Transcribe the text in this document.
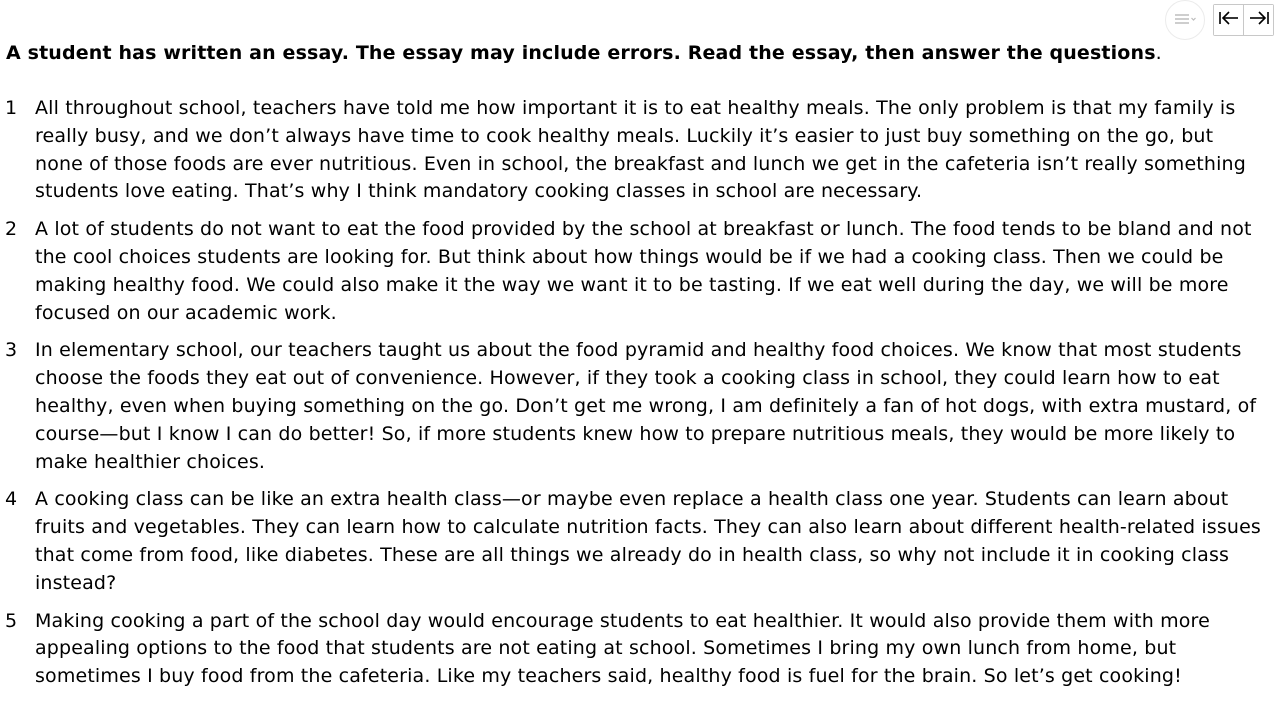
A student has written an essay. The essay may include errors. Read the essay, then answer the questions.
1 All throughout school, teachers have told me how important it is to eat healthy meals. The only problem is that my family is really busy, and we don’t always have time to cook healthy meals. Luckily it’s easier to just buy something on the go, but none of those foods are ever nutritious. Even in school, the breakfast and lunch we get in the cafeteria isn’t really something students love eating. That’s why I think mandatory cooking classes in school are necessary.
2 A lot of students do not want to eat the food provided by the school at breakfast or lunch. The food tends to be bland and not the cool choices students are looking for. But think about how things would be if we had a cooking class. Then we could be making healthy food. We could also make it the way we want it to be tasting. If we eat well during the day, we will be more focused on our academic work.
3 In elementary school, our teachers taught us about the food pyramid and healthy food choices. We know that most students choose the foods they eat out of convenience. However, if they took a cooking class in school, they could learn how to eat healthy, even when buying something on the go. Don’t get me wrong, I am definitely a fan of hot dogs, with extra mustard, of course—but I know I can do better! So, if more students knew how to prepare nutritious meals, they would be more likely to make healthier choices.
4 A cooking class can be like an extra health class—or maybe even replace a health class one year. Students can learn about fruits and vegetables. They can learn how to calculate nutrition facts. They can also learn about different health-related issues that come from food, like diabetes. These are all things we already do in health class, so why not include it in cooking class instead?
5 Making cooking a part of the school day would encourage students to eat healthier. It would also provide them with more appealing options to the food that students are not eating at school. Sometimes I bring my own lunch from home, but sometimes I buy food from the cafeteria. Like my teachers said, healthy food is fuel for the brain. So let’s get cooking!
